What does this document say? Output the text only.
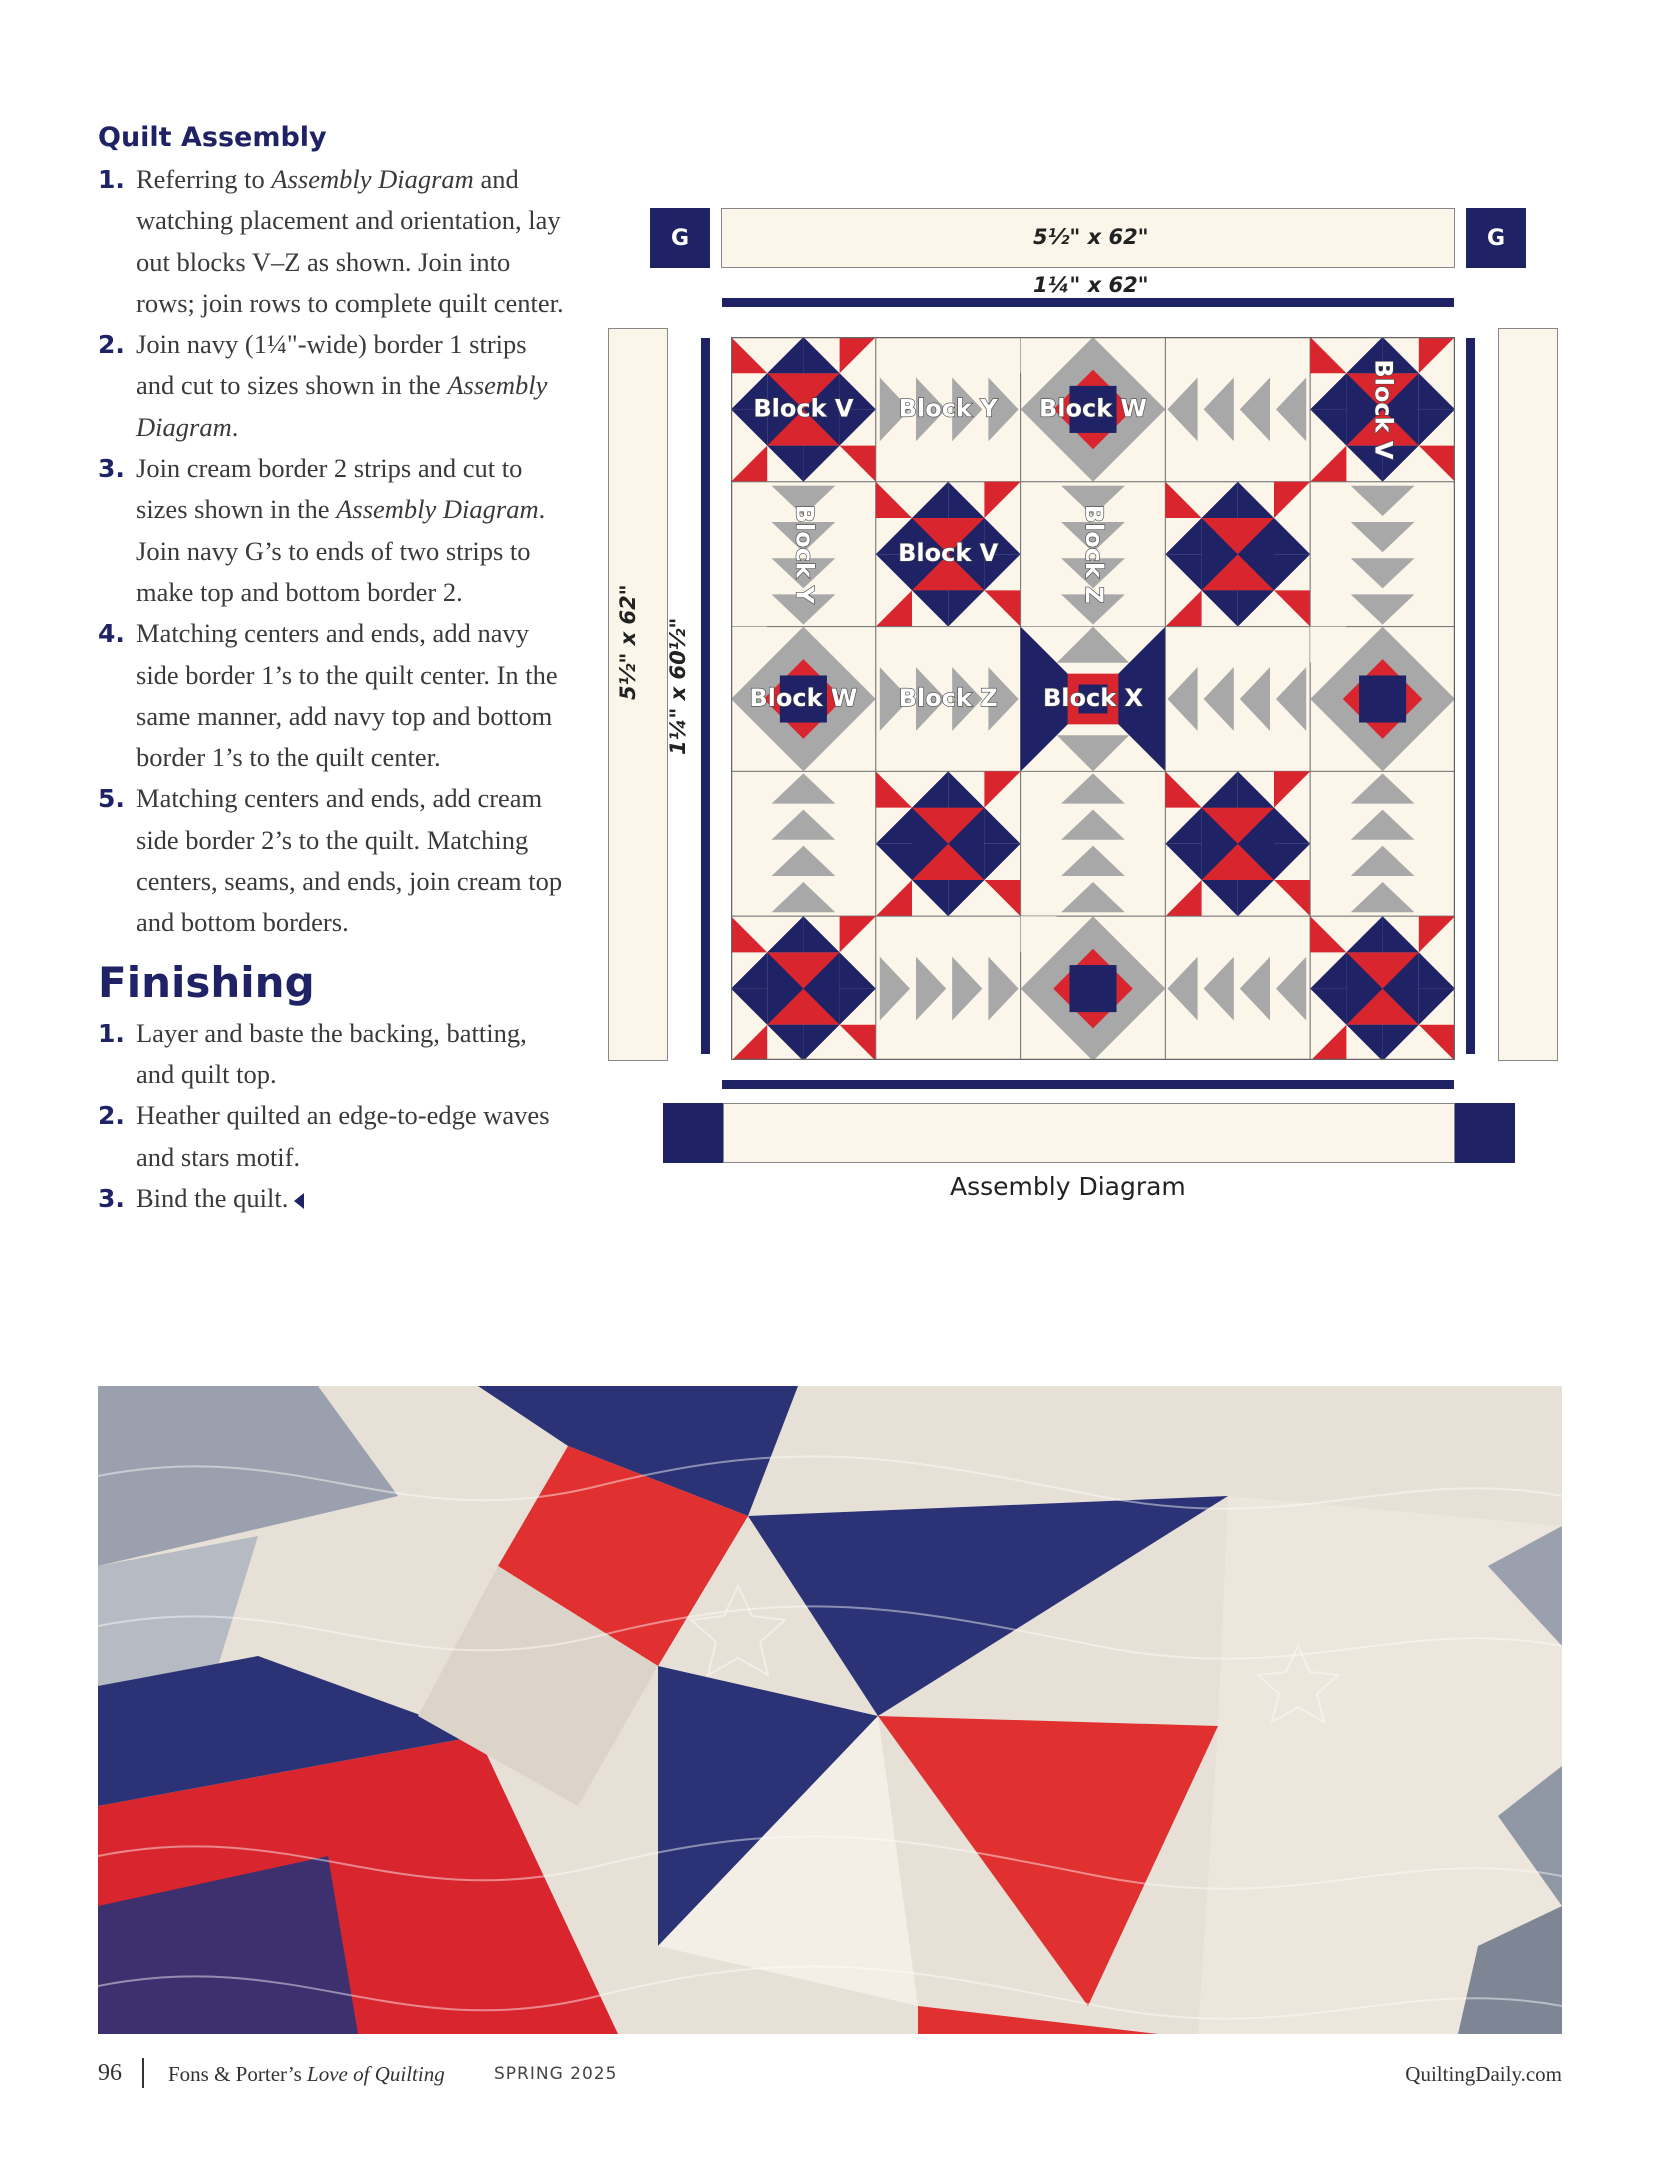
Quilt Assembly
1. Referring to Assembly Diagram and watching placement and orientation, lay out blocks V–Z as shown. Join into rows; join rows to complete quilt center.
2. Join navy (1¼"-wide) border 1 strips and cut to sizes shown in the Assembly Diagram.
3. Join cream border 2 strips and cut to sizes shown in the Assembly Diagram. Join navy G’s to ends of two strips to make top and bottom border 2.
4. Matching centers and ends, add navy side border 1’s to the quilt center. In the same manner, add navy top and bottom border 1’s to the quilt center.
5. Matching centers and ends, add cream side border 2’s to the quilt. Matching centers, seams, and ends, join cream top and bottom borders.
Finishing
1. Layer and baste the backing, batting, and quilt top.
2. Heather quilted an edge-to-edge waves and stars motif.
3. Bind the quilt.
G	5½" x 62"	G
1¼" x 62"
5½" x 62" 1¼" x 60½"
Block V Block Y Block W	Block V
Block Y	Block V	Block Z
Block W Block Z Block X
Assembly Diagram
96 Fons & Porter’s Love of Quilting	SPRING 2025	QuiltingDaily.com
